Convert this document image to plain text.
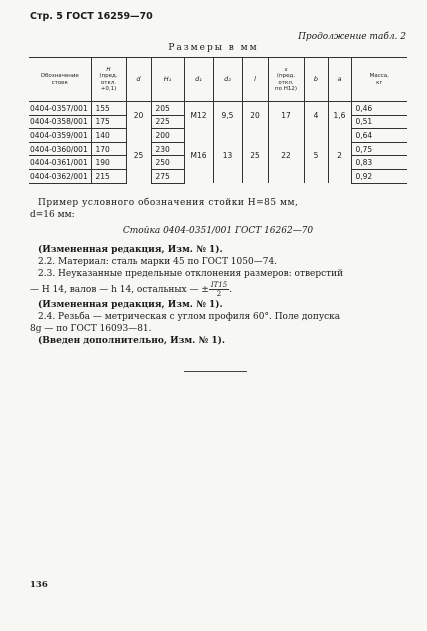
Стр. 5 ГОСТ 16259—70
Продолжение табл. 2
Размеры в мм
Обозначение
стоек	H
(пред.
откл.
+0,1)	d	H₁	d₁	d₂	l	s
(пред.
откл.
по H12)	b	a	Масса,
кг
0404-0357/001	155	20	205	M12	9,5	20	17	4	1,6	0,46
0404-0358/001	175		225							0,51
0404-0359/001	140	25	200	M16	13	25	22	5	2	0,64
0404-0360/001	170		230							0,75
0404-0361/001	190		250							0,83
0404-0362/001	215		275							0,92
Пример условного обозначения стойки H=85 мм,
d=16 мм:
Стойка 0404-0351/001 ГОСТ 16262—70
(Измененная редакция, Изм. № 1).
2.2. Материал: сталь марки 45 по ГОСТ 1050—74.
2.3. Неуказанные предельные отклонения размеров: отверстий
— H 14, валов — h 14, остальных — ± $\frac{IT15}{2}$ .
(Измененная редакция, Изм. № 1).
2.4. Резьба — метрическая с углом профиля 60°. Поле допуска
8g — по ГОСТ 16093—81.
(Введен дополнительно, Изм. № 1).
136
